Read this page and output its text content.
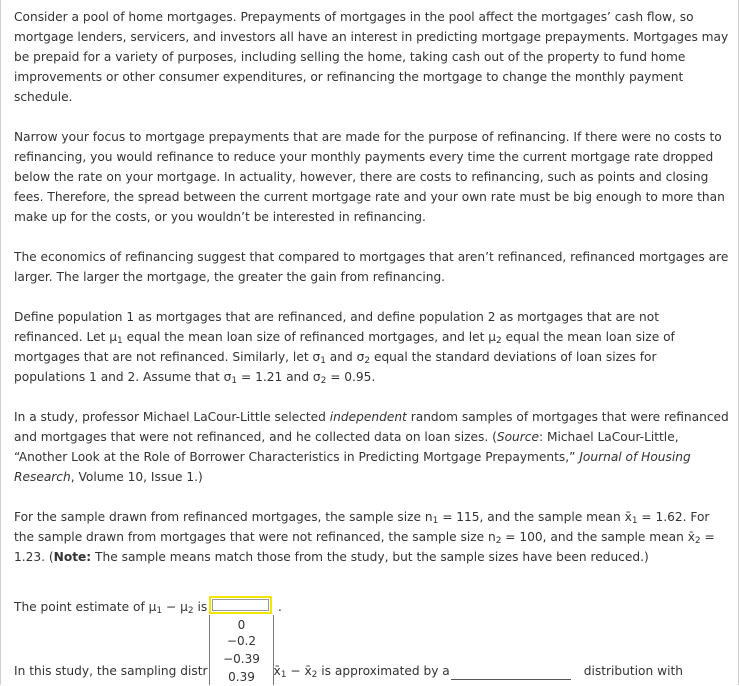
Consider a pool of home mortgages. Prepayments of mortgages in the pool affect the mortgages’ cash flow, so mortgage lenders, servicers, and investors all have an interest in predicting mortgage prepayments. Mortgages may be prepaid for a variety of purposes, including selling the home, taking cash out of the property to fund home improvements or other consumer expenditures, or refinancing the mortgage to change the monthly payment schedule.

Narrow your focus to mortgage prepayments that are made for the purpose of refinancing. If there were no costs to refinancing, you would refinance to reduce your monthly payments every time the current mortgage rate dropped below the rate on your mortgage. In actuality, however, there are costs to refinancing, such as points and closing fees. Therefore, the spread between the current mortgage rate and your own rate must be big enough to more than make up for the costs, or you wouldn’t be interested in refinancing.

The economics of refinancing suggest that compared to mortgages that aren’t refinanced, refinanced mortgages are larger. The larger the mortgage, the greater the gain from refinancing.

Define population 1 as mortgages that are refinanced, and define population 2 as mortgages that are not refinanced. Let $\mu_1$ equal the mean loan size of refinanced mortgages, and let $\mu_2$ equal the mean loan size of mortgages that are not refinanced. Similarly, let $\sigma_1$ and $\sigma_2$ equal the standard deviations of loan sizes for populations 1 and 2. Assume that $\sigma_1 = 1.21$ and $\sigma_2 = 0.95$.

In a study, professor Michael LaCour-Little selected independent random samples of mortgages that were refinanced and mortgages that were not refinanced, and he collected data on loan sizes. (Source: Michael LaCour-Little, “Another Look at the Role of Borrower Characteristics in Predicting Mortgage Prepayments,” Journal of Housing Research, Volume 10, Issue 1.)

For the sample drawn from refinanced mortgages, the sample size $n_1 = 115$, and the sample mean $x̄_1 = 1.62$. For the sample drawn from mortgages that were not refinanced, the sample size $n_2 = 100$, and the sample mean $x̄_2 = 1.23$. (Note: The sample means match those from the study, but the sample sizes have been reduced.)

The point estimate of $\mu_1 - \mu_2$ is	.
In this study, the sampling distr	$x̄_1$ − $x̄_2$ is approximated by a	distribution with
0
−0.2
−0.39
0.39
